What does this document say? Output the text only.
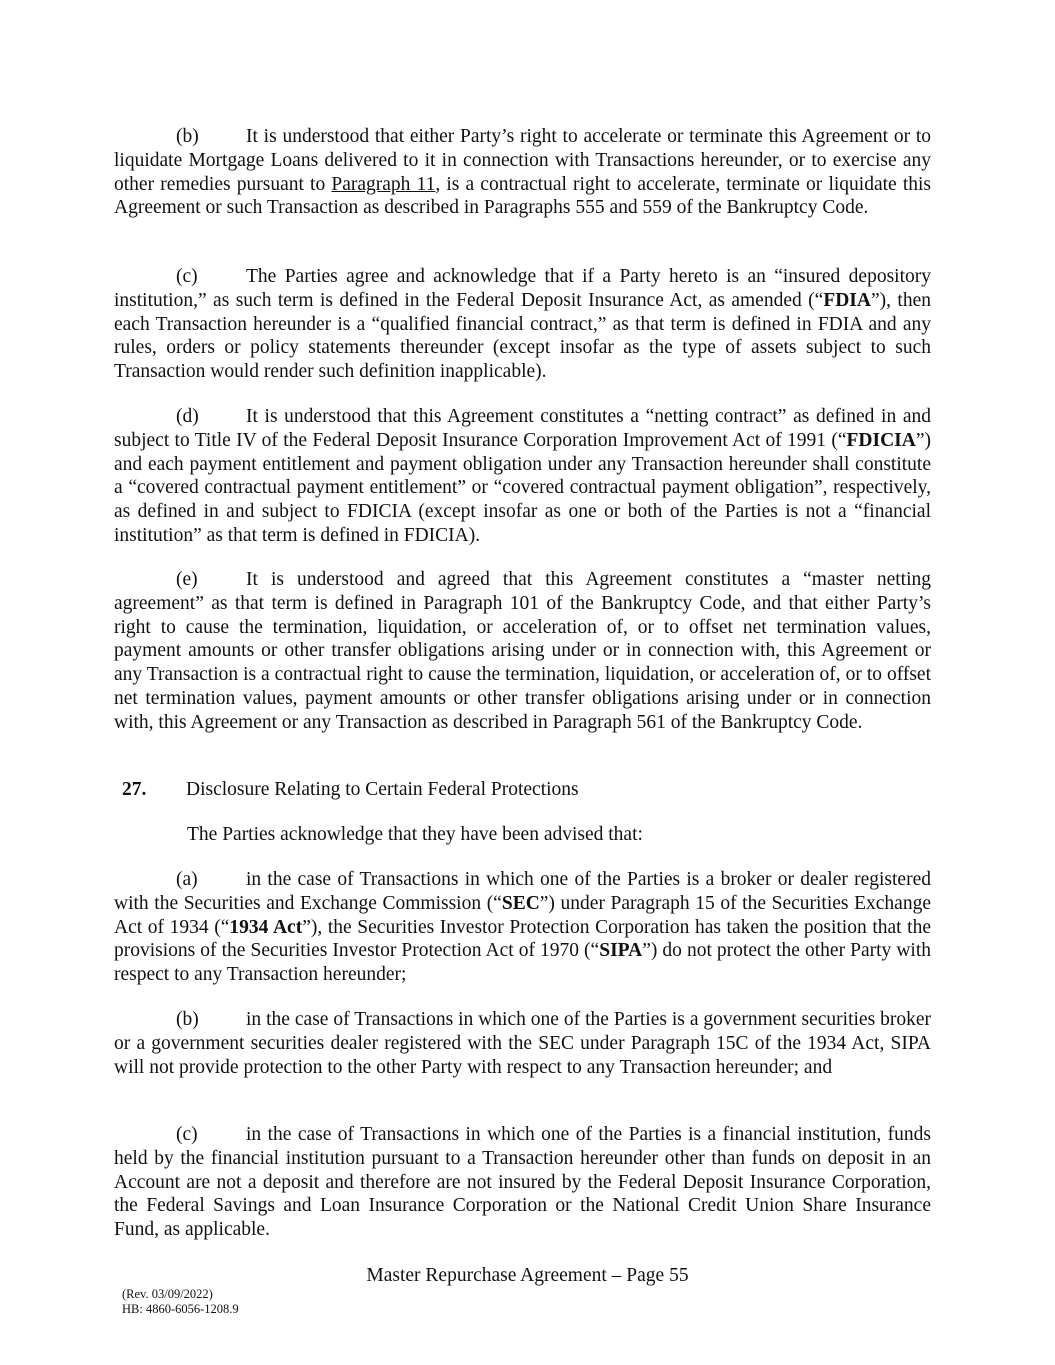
(b) It is understood that either Party’s right to accelerate or terminate this Agreement or to liquidate Mortgage Loans delivered to it in connection with Transactions hereunder, or to exercise any other remedies pursuant to Paragraph 11, is a contractual right to accelerate, terminate or liquidate this Agreement or such Transaction as described in Paragraphs 555 and 559 of the Bankruptcy Code.

(c) The Parties agree and acknowledge that if a Party hereto is an “insured depository institution,” as such term is defined in the Federal Deposit Insurance Act, as amended (“FDIA”), then each Transaction hereunder is a “qualified financial contract,” as that term is defined in FDIA and any rules, orders or policy statements thereunder (except insofar as the type of assets subject to such Transaction would render such definition inapplicable).

(d) It is understood that this Agreement constitutes a “netting contract” as defined in and subject to Title IV of the Federal Deposit Insurance Corporation Improvement Act of 1991 (“FDICIA”) and each payment entitlement and payment obligation under any Transaction hereunder shall constitute a “covered contractual payment entitlement” or “covered contractual payment obligation”, respectively, as defined in and subject to FDICIA (except insofar as one or both of the Parties is not a “financial institution” as that term is defined in FDICIA).

(e) It is understood and agreed that this Agreement constitutes a “master netting agreement” as that term is defined in Paragraph 101 of the Bankruptcy Code, and that either Party’s right to cause the termination, liquidation, or acceleration of, or to offset net termination values, payment amounts or other transfer obligations arising under or in connection with, this Agreement or any Transaction is a contractual right to cause the termination, liquidation, or acceleration of, or to offset net termination values, payment amounts or other transfer obligations arising under or in connection with, this Agreement or any Transaction as described in Paragraph 561 of the Bankruptcy Code.

27. Disclosure Relating to Certain Federal Protections

The Parties acknowledge that they have been advised that:

(a) in the case of Transactions in which one of the Parties is a broker or dealer registered with the Securities and Exchange Commission (“SEC”) under Paragraph 15 of the Securities Exchange Act of 1934 (“1934 Act”), the Securities Investor Protection Corporation has taken the position that the provisions of the Securities Investor Protection Act of 1970 (“SIPA”) do not protect the other Party with respect to any Transaction hereunder;

(b) in the case of Transactions in which one of the Parties is a government securities broker or a government securities dealer registered with the SEC under Paragraph 15C of the 1934 Act, SIPA will not provide protection to the other Party with respect to any Transaction hereunder; and

(c) in the case of Transactions in which one of the Parties is a financial institution, funds held by the financial institution pursuant to a Transaction hereunder other than funds on deposit in an Account are not a deposit and therefore are not insured by the Federal Deposit Insurance Corporation, the Federal Savings and Loan Insurance Corporation or the National Credit Union Share Insurance Fund, as applicable.

Master Repurchase Agreement – Page 55

(Rev. 03/09/2022)
HB: 4860-6056-1208.9
